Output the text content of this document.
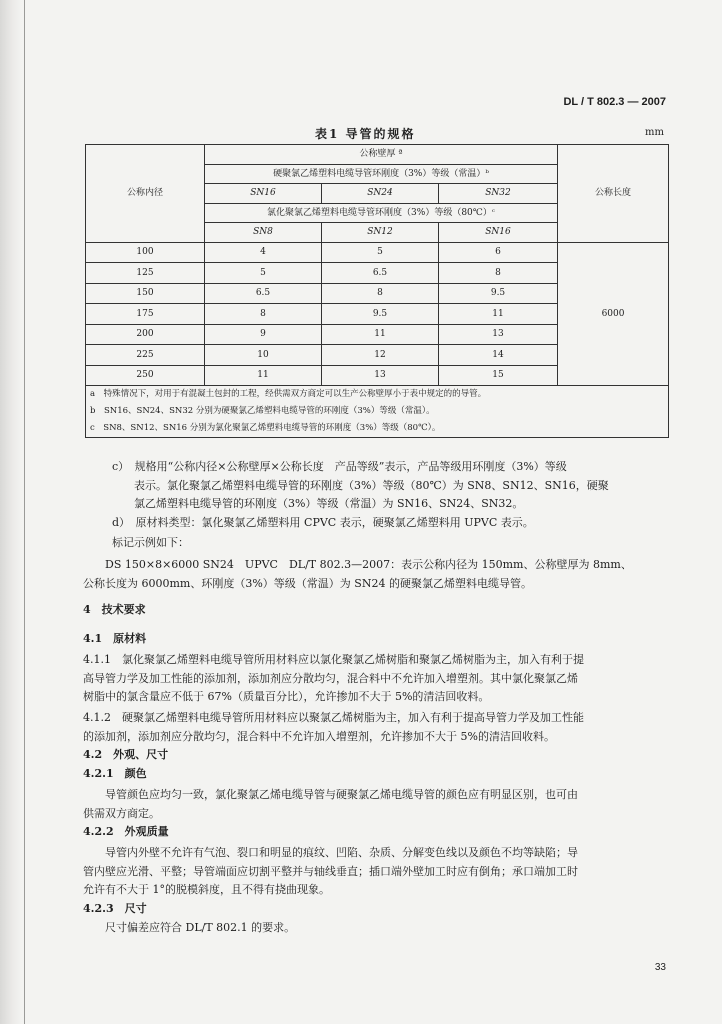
DL / T 802.3 — 2007
表1 导管的规格	mm
公称内径	公称壁厚 ª			公称长度
	硬聚氯乙烯塑料电缆导管环刚度（3%）等级（常温）ᵇ			
	SN16	SN24	SN32	
	氯化聚氯乙烯塑料电缆导管环刚度（3%）等级（80℃）ᶜ			
	SN8	SN12	SN16	
100	4	5	6	6000
125	5	6.5	8	
150	6.5	8	9.5	
175	8	9.5	11	
200	9	11	13	
225	10	12	14	
250	11	13	15	

a　特殊情况下，对用于有混凝土包封的工程，经供需双方商定可以生产公称壁厚小于表中规定的的导管。
b　SN16、SN24、SN32 分别为硬聚氯乙烯塑料电缆导管的环刚度（3%）等级（常温）。
c　SN8、SN12、SN16 分别为氯化聚氯乙烯塑料电缆导管的环刚度（3%）等级（80℃）。				
c）　规格用“公称内径×公称壁厚×公称长度　产品等级”表示，产品等级用环刚度（3%）等级
表示。氯化聚氯乙烯塑料电缆导管的环刚度（3%）等级（80℃）为 SN8、SN12、SN16，硬聚
氯乙烯塑料电缆导管的环刚度（3%）等级（常温）为 SN16、SN24、SN32。
d）　原材料类型：氯化聚氯乙烯塑料用 CPVC 表示，硬聚氯乙烯塑料用 UPVC 表示。
标记示例如下：
DS 150×8×6000 SN24　UPVC　DL/T 802.3—2007：表示公称内径为 150mm、公称壁厚为 8mm、
公称长度为 6000mm、环刚度（3%）等级（常温）为 SN24 的硬聚氯乙烯塑料电缆导管。
4　技术要求
4.1　原材料
4.1.1　氯化聚氯乙烯塑料电缆导管所用材料应以氯化聚氯乙烯树脂和聚氯乙烯树脂为主，加入有利于提
高导管力学及加工性能的添加剂，添加剂应分散均匀，混合料中不允许加入增塑剂。其中氯化聚氯乙烯
树脂中的氯含量应不低于 67%（质量百分比），允许掺加不大于 5%的清洁回收料。
4.1.2　硬聚氯乙烯塑料电缆导管所用材料应以聚氯乙烯树脂为主，加入有利于提高导管力学及加工性能
的添加剂，添加剂应分散均匀，混合料中不允许加入增塑剂，允许掺加不大于 5%的清洁回收料。
4.2　外观、尺寸
4.2.1　颜色
导管颜色应均匀一致，氯化聚氯乙烯电缆导管与硬聚氯乙烯电缆导管的颜色应有明显区别，也可由
供需双方商定。
4.2.2　外观质量
导管内外壁不允许有气泡、裂口和明显的痕纹、凹陷、杂质、分解变色线以及颜色不均等缺陷；导
管内壁应光滑、平整；导管端面应切割平整并与轴线垂直；插口端外壁加工时应有倒角；承口端加工时
允许有不大于 1°的脱模斜度，且不得有挠曲现象。
4.2.3　尺寸
尺寸偏差应符合 DL/T 802.1 的要求。
33
